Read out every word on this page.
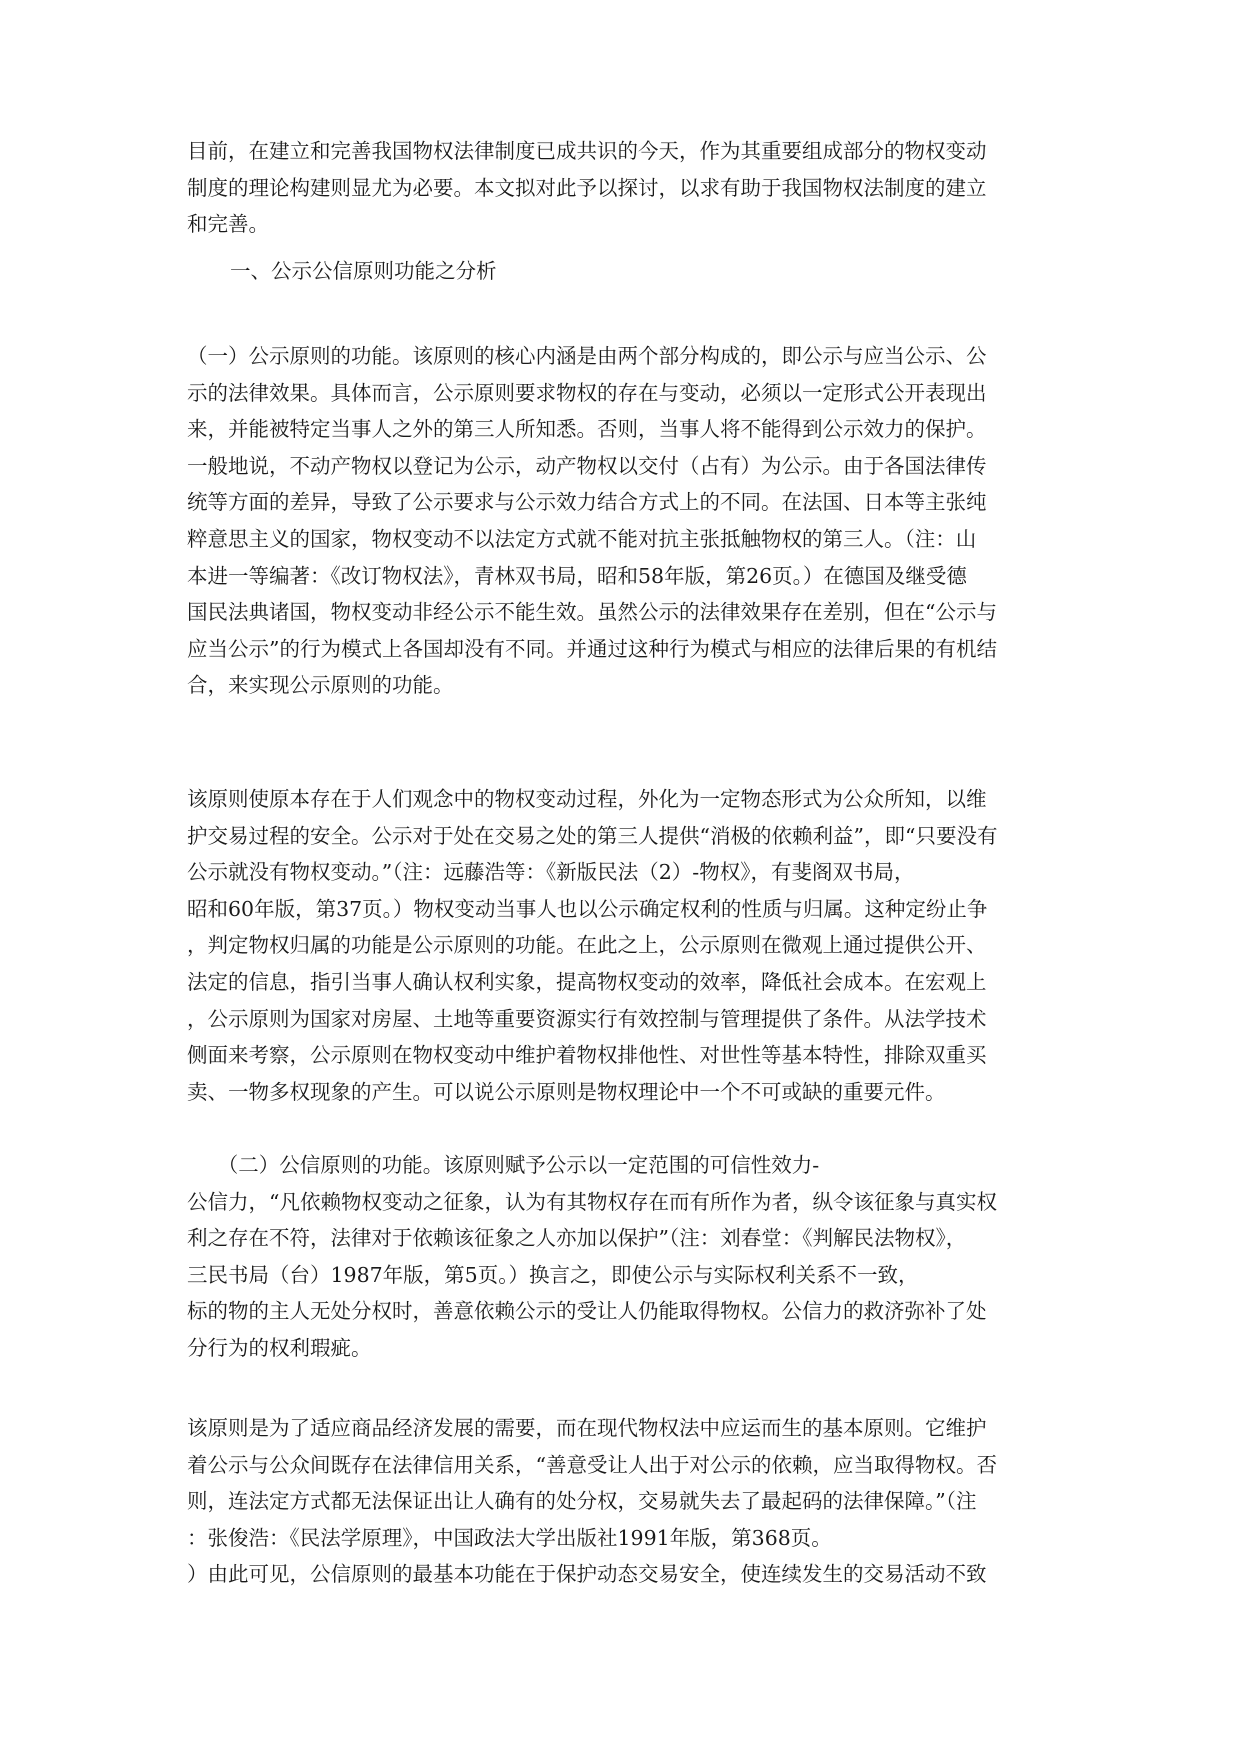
目前，在建立和完善我国物权法律制度已成共识的今天，作为其重要组成部分的物权变动
制度的理论构建则显尤为必要。本文拟对此予以探讨，以求有助于我国物权法制度的建立
和完善。
一、公示公信原则功能之分析
（一）公示原则的功能。该原则的核心内涵是由两个部分构成的，即公示与应当公示、公
示的法律效果。具体而言，公示原则要求物权的存在与变动，必须以一定形式公开表现出
来，并能被特定当事人之外的第三人所知悉。否则，当事人将不能得到公示效力的保护。
一般地说，不动产物权以登记为公示，动产物权以交付（占有）为公示。由于各国法律传
统等方面的差异，导致了公示要求与公示效力结合方式上的不同。在法国、日本等主张纯
粹意思主义的国家，物权变动不以法定方式就不能对抗主张抵触物权的第三人。（注：山
本进一等编著：《改订物权法》，青林双书局，昭和58年版，第26页。）在德国及继受德
国民法典诸国，物权变动非经公示不能生效。虽然公示的法律效果存在差别，但在“公示与
应当公示”的行为模式上各国却没有不同。并通过这种行为模式与相应的法律后果的有机结
合，来实现公示原则的功能。
该原则使原本存在于人们观念中的物权变动过程，外化为一定物态形式为公众所知，以维
护交易过程的安全。公示对于处在交易之处的第三人提供“消极的依赖利益”，即“只要没有
公示就没有物权变动。”（注：远藤浩等：《新版民法（2）-物权》，有斐阁双书局，
昭和60年版，第37页。）物权变动当事人也以公示确定权利的性质与归属。这种定纷止争
，判定物权归属的功能是公示原则的功能。在此之上，公示原则在微观上通过提供公开、
法定的信息，指引当事人确认权利实象，提高物权变动的效率，降低社会成本。在宏观上
，公示原则为国家对房屋、土地等重要资源实行有效控制与管理提供了条件。从法学技术
侧面来考察，公示原则在物权变动中维护着物权排他性、对世性等基本特性，排除双重买
卖、一物多权现象的产生。可以说公示原则是物权理论中一个不可或缺的重要元件。
　　（二）公信原则的功能。该原则赋予公示以一定范围的可信性效力-
公信力，“凡依赖物权变动之征象，认为有其物权存在而有所作为者，纵令该征象与真实权
利之存在不符，法律对于依赖该征象之人亦加以保护”（注：刘春堂：《判解民法物权》，
三民书局（台）1987年版，第5页。）换言之，即使公示与实际权利关系不一致，
标的物的主人无处分权时，善意依赖公示的受让人仍能取得物权。公信力的救济弥补了处
分行为的权利瑕疵。
该原则是为了适应商品经济发展的需要，而在现代物权法中应运而生的基本原则。它维护
着公示与公众间既存在法律信用关系，“善意受让人出于对公示的依赖，应当取得物权。否
则，连法定方式都无法保证出让人确有的处分权，交易就失去了最起码的法律保障。”（注
：张俊浩：《民法学原理》，中国政法大学出版社1991年版，第368页。
）由此可见，公信原则的最基本功能在于保护动态交易安全，使连续发生的交易活动不致
